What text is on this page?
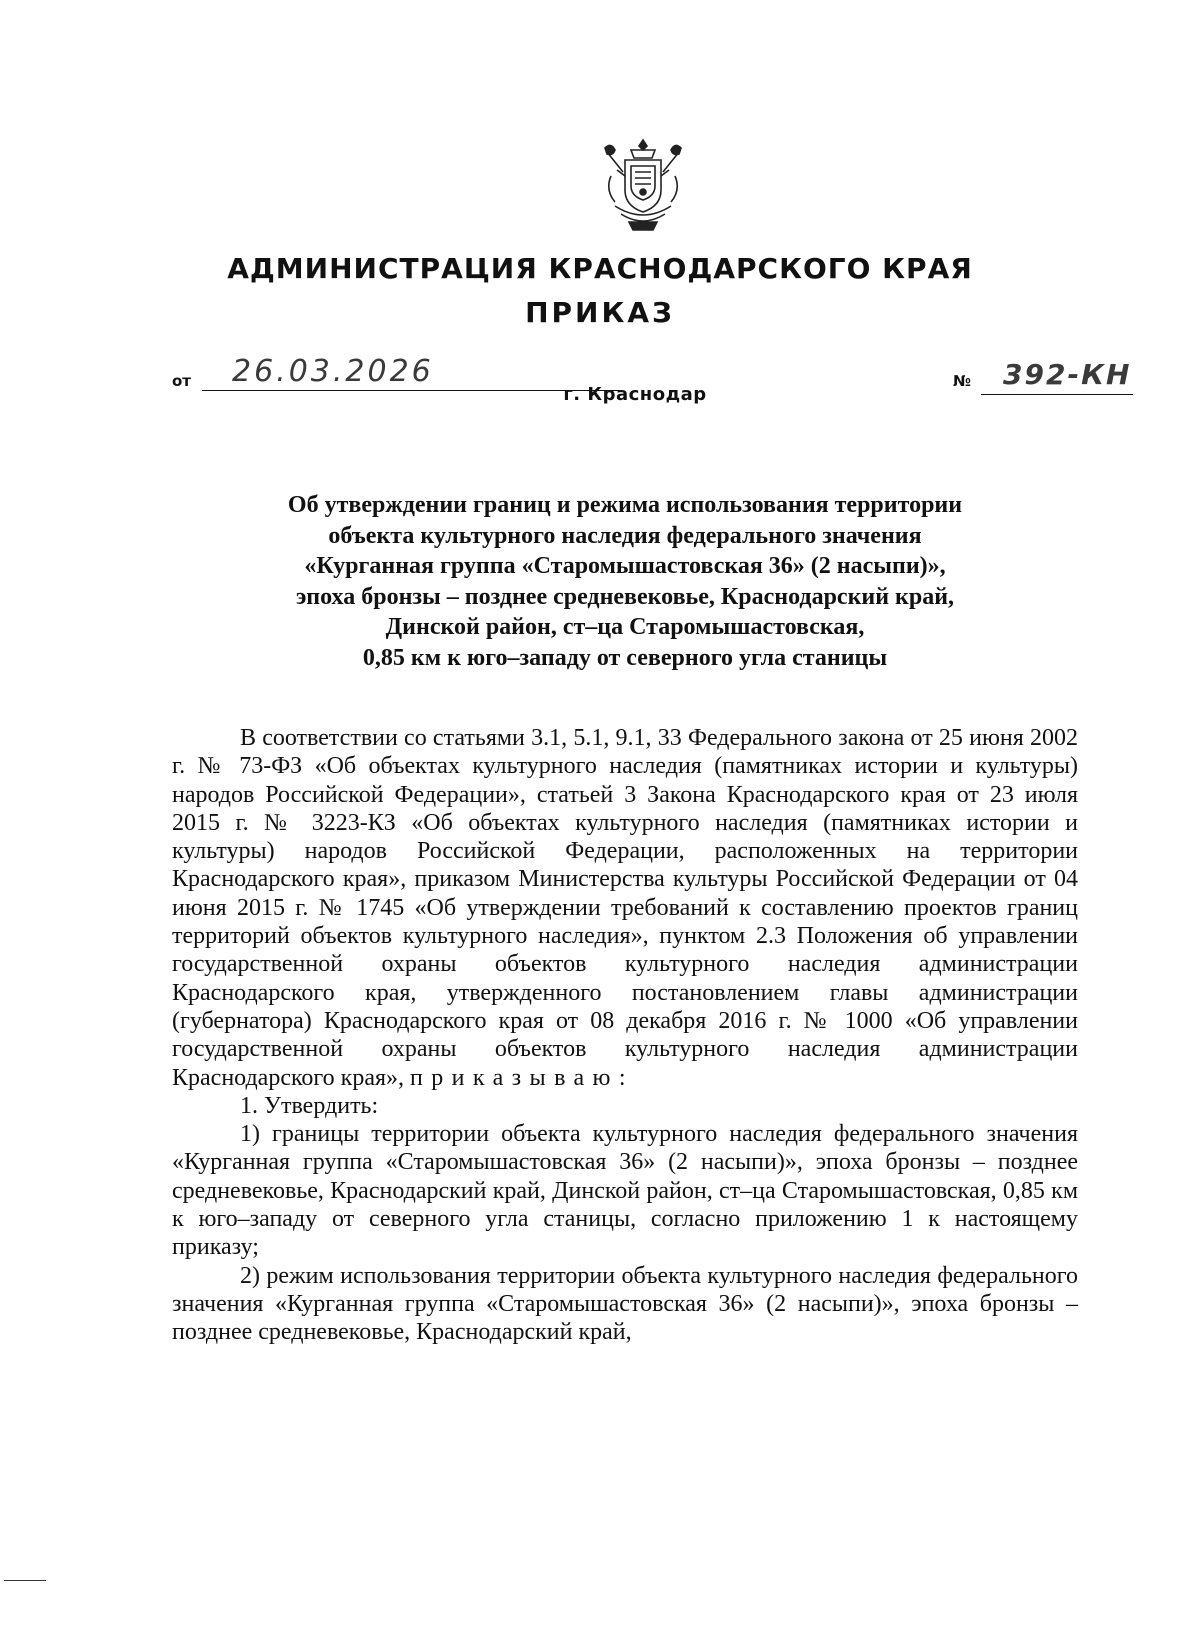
АДМИНИСТРАЦИЯ КРАСНОДАРСКОГО КРАЯ
ПРИКАЗ
от 26.03.2026	№ 392-КН
г. Краснодар
Об утверждении границ и режима использования территории
объекта культурного наследия федерального значения
«Курганная группа «Старомышастовская 36» (2 насыпи)»,
эпоха бронзы – позднее средневековье, Краснодарский край,
Динской район, ст–ца Старомышастовская,
0,85 км к юго–западу от северного угла станицы

В соответствии со статьями 3.1, 5.1, 9.1, 33 Федерального закона от 25 июня 2002 г. № 73-ФЗ «Об объектах культурного наследия (памятниках истории и культуры) народов Российской Федерации», статьей 3 Закона Краснодарского края от 23 июля 2015 г. № 3223-КЗ «Об объектах культурного наследия (памятниках истории и культуры) народов Российской Федерации, расположенных на территории Краснодарского края», приказом Министерства культуры Российской Федерации от 04 июня 2015 г. № 1745 «Об утверждении требований к составлению проектов границ территорий объектов культурного наследия», пунктом 2.3 Положения об управлении государственной охраны объектов культурного наследия администрации Краснодарского края, утвержденного постановлением главы администрации (губернатора) Краснодарского края от 08 декабря 2016 г. № 1000 «Об управлении государственной охраны объектов культурного наследия администрации Краснодарского края», приказываю:

1. Утвердить:

1) границы территории объекта культурного наследия федерального значения «Курганная группа «Старомышастовская 36» (2 насыпи)», эпоха бронзы – позднее средневековье, Краснодарский край, Динской район, ст–ца Старомышастовская, 0,85 км к юго–западу от северного угла станицы, согласно приложению 1 к настоящему приказу;

2) режим использования территории объекта культурного наследия федерального значения «Курганная группа «Старомышастовская 36» (2 насыпи)», эпоха бронзы – позднее средневековье, Краснодарский край,
